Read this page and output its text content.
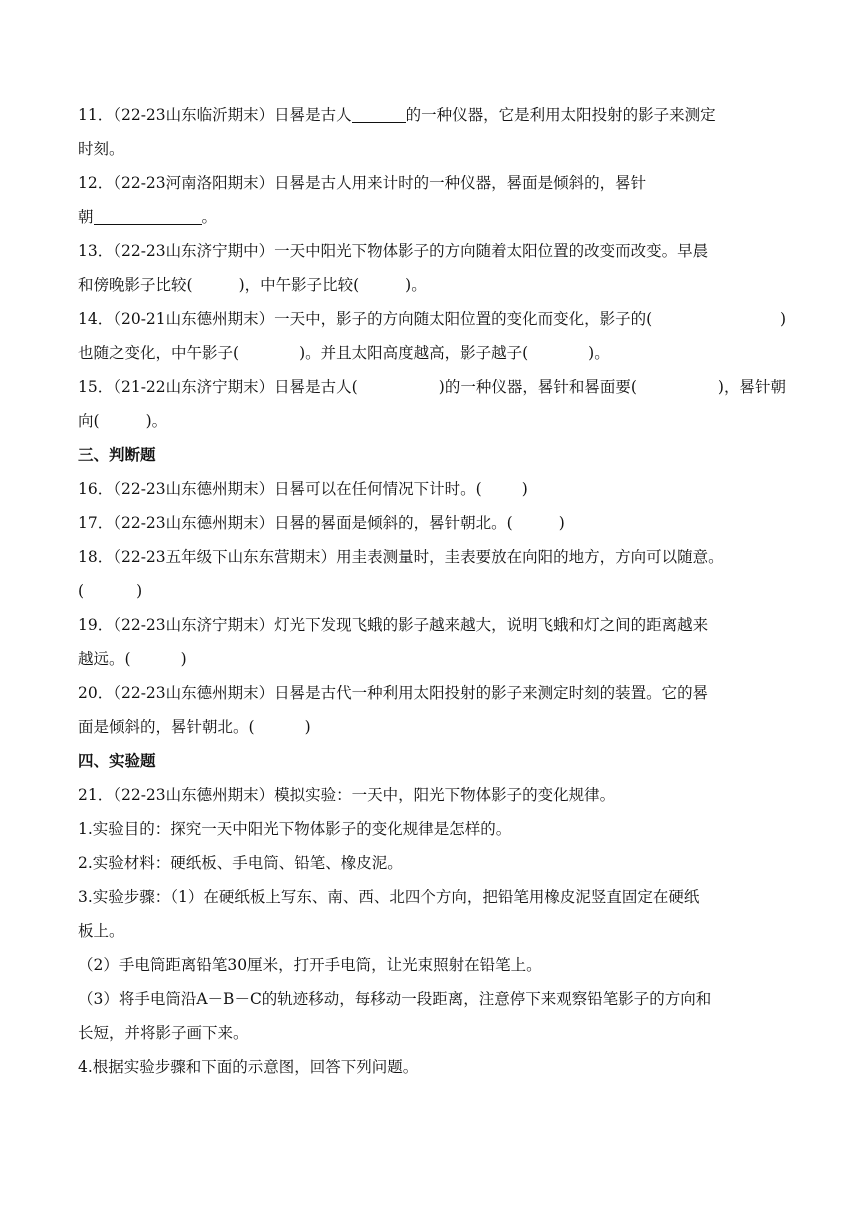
11．（22-23山东临沂期末）日晷是古人	的一种仪器，它是利用太阳投射的影子来测定
时刻。
12．（22-23河南洛阳期末）日晷是古人用来计时的一种仪器，晷面是倾斜的，晷针
朝	。
13．（22-23山东济宁期中）一天中阳光下物体影子的方向随着太阳位置的改变而改变。早晨
和傍晚影子比较(	)，中午影子比较(	)。
14．（20-21山东德州期末）一天中，影子的方向随太阳位置的变化而变化，影子的(	)
也随之变化，中午影子(	)。并且太阳高度越高，影子越子(	)。
15．（21-22山东济宁期末）日晷是古人(	)的一种仪器，晷针和晷面要(	)，晷针朝
向(	)。
三、判断题
16．（22-23山东德州期末）日晷可以在任何情况下计时。(	)
17．（22-23山东德州期末）日晷的晷面是倾斜的，晷针朝北。(	)
18．（22-23五年级下山东东营期末）用圭表测量时，圭表要放在向阳的地方，方向可以随意。
(	)
19．（22-23山东济宁期末）灯光下发现飞蛾的影子越来越大，说明飞蛾和灯之间的距离越来
越远。(	)
20．（22-23山东德州期末）日晷是古代一种利用太阳投射的影子来测定时刻的装置。它的晷
面是倾斜的，晷针朝北。(	)
四、实验题
21．（22-23山东德州期末）模拟实验：一天中，阳光下物体影子的变化规律。
1.实验目的：探究一天中阳光下物体影子的变化规律是怎样的。
2.实验材料：硬纸板、手电筒、铅笔、橡皮泥。
3.实验步骤：（1）在硬纸板上写东、南、西、北四个方向，把铅笔用橡皮泥竖直固定在硬纸
板上。
（2）手电筒距离铅笔30厘米，打开手电筒，让光束照射在铅笔上。
（3）将手电筒沿A－B－C的轨迹移动，每移动一段距离，注意停下来观察铅笔影子的方向和
长短，并将影子画下来。
4.根据实验步骤和下面的示意图，回答下列问题。
